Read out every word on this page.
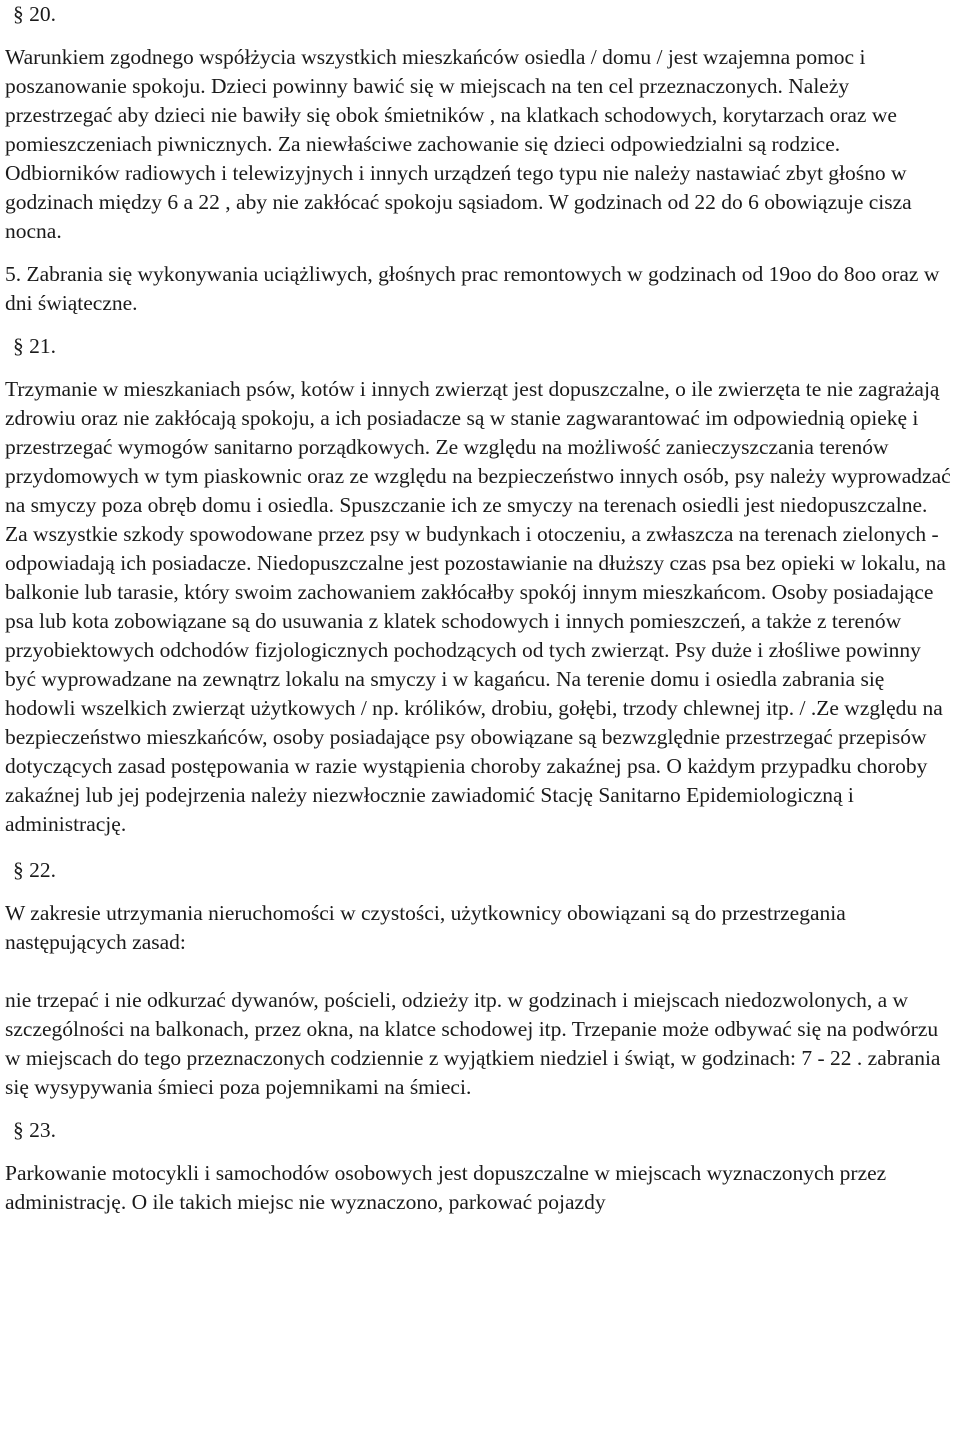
§ 20.

Warunkiem zgodnego współżycia wszystkich mieszkańców osiedla / domu / jest wzajemna pomoc i poszanowanie spokoju. Dzieci powinny bawić się w miejscach na ten cel przeznaczonych. Należy przestrzegać aby dzieci nie bawiły się obok śmietników , na klatkach schodowych, korytarzach oraz we pomieszczeniach piwnicznych. Za niewłaściwe zachowanie się dzieci odpowiedzialni są rodzice. Odbiorników radiowych i telewizyjnych i innych urządzeń tego typu nie należy nastawiać zbyt głośno w godzinach między 6 a 22 , aby nie zakłócać spokoju sąsiadom. W godzinach od 22 do 6 obowiązuje cisza nocna.

5. Zabrania się wykonywania uciążliwych, głośnych prac remontowych w godzinach od 19oo do 8oo oraz w dni świąteczne.

§ 21.

Trzymanie w mieszkaniach psów, kotów i innych zwierząt jest dopuszczalne, o ile zwierzęta te nie zagrażają zdrowiu oraz nie zakłócają spokoju, a ich posiadacze są w stanie zagwarantować im odpowiednią opiekę i przestrzegać wymogów sanitarno porządkowych. Ze względu na możliwość zanieczyszczania terenów przydomowych w tym piaskownic oraz ze względu na bezpieczeństwo innych osób, psy należy wyprowadzać na smyczy poza obręb domu i osiedla. Spuszczanie ich ze smyczy na terenach osiedli jest niedopuszczalne. Za wszystkie szkody spowodowane przez psy w budynkach i otoczeniu, a zwłaszcza na terenach zielonych - odpowiadają ich posiadacze. Niedopuszczalne jest pozostawianie na dłuższy czas psa bez opieki w lokalu, na balkonie lub tarasie, który swoim zachowaniem zakłócałby spokój innym mieszkańcom. Osoby posiadające psa lub kota zobowiązane są do usuwania z klatek schodowych i innych pomieszczeń, a także z terenów przyobiektowych odchodów fizjologicznych pochodzących od tych zwierząt. Psy duże i złośliwe powinny być wyprowadzane na zewnątrz lokalu na smyczy i w kagańcu. Na terenie domu i osiedla zabrania się hodowli wszelkich zwierząt użytkowych / np. królików, drobiu, gołębi, trzody chlewnej itp. / .Ze względu na bezpieczeństwo mieszkańców, osoby posiadające psy obowiązane są bezwzględnie przestrzegać przepisów dotyczących zasad postępowania w razie wystąpienia choroby zakaźnej psa. O każdym przypadku choroby zakaźnej lub jej podejrzenia należy niezwłocznie zawiadomić Stację Sanitarno Epidemiologiczną i administrację.

§ 22.

W zakresie utrzymania nieruchomości w czystości, użytkownicy obowiązani są do przestrzegania następujących zasad:

nie trzepać i nie odkurzać dywanów, pościeli, odzieży itp. w godzinach i miejscach niedozwolonych, a w szczególności na balkonach, przez okna, na klatce schodowej itp. Trzepanie może odbywać się na podwórzu w miejscach do tego przeznaczonych codziennie z wyjątkiem niedziel i świąt, w godzinach: 7 - 22 . zabrania się wysypywania śmieci poza pojemnikami na śmieci.

§ 23.

Parkowanie motocykli i samochodów osobowych jest dopuszczalne w miejscach wyznaczonych przez administrację. O ile takich miejsc nie wyznaczono, parkować pojazdy
